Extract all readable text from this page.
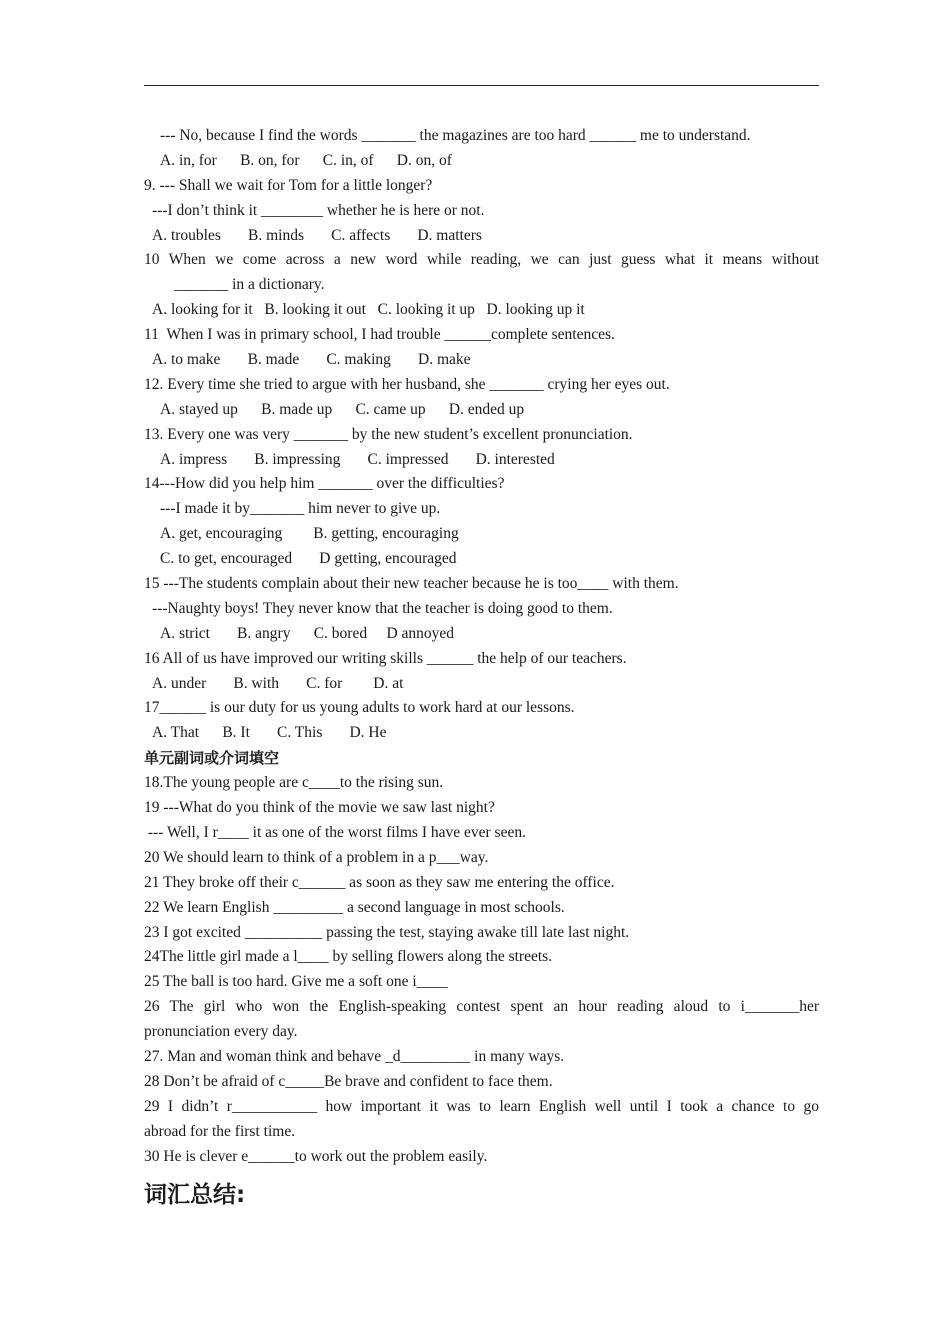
--- No, because I find the words _______ the magazines are too hard ______ me to understand.
A. in, for      B. on, for      C. in, of      D. on, of
9. --- Shall we wait for Tom for a little longer?
---I don’t think it ________ whether he is here or not.
A. troubles       B. minds       C. affects       D. matters
10 When we come across a new word while reading, we can just guess what it means without
_______ in a dictionary.
A. looking for it   B. looking it out   C. looking it up   D. looking up it
11  When I was in primary school, I had trouble ______complete sentences.
A. to make       B. made       C. making       D. make
12. Every time she tried to argue with her husband, she _______ crying her eyes out.
A. stayed up      B. made up      C. came up      D. ended up
13. Every one was very _______ by the new student’s excellent pronunciation.
A. impress       B. impressing       C. impressed       D. interested
14---How did you help him _______ over the difficulties?
---I made it by_______ him never to give up.
A. get, encouraging        B. getting, encouraging
C. to get, encouraged       D getting, encouraged
15 ---The students complain about their new teacher because he is too____ with them.
---Naughty boys! They never know that the teacher is doing good to them.
A. strict       B. angry      C. bored     D annoyed
16 All of us have improved our writing skills ______ the help of our teachers.
A. under       B. with       C. for        D. at
17______ is our duty for us young adults to work hard at our lessons.
A. That      B. It       C. This       D. He
单元副词或介词填空
18.The young people are c____to the rising sun.
19 ---What do you think of the movie we saw last night?
--- Well, I r____ it as one of the worst films I have ever seen.
20 We should learn to think of a problem in a p___way.
21 They broke off their c______ as soon as they saw me entering the office.
22 We learn English _________ a second language in most schools.
23 I got excited __________ passing the test, staying awake till late last night.
24The little girl made a l____ by selling flowers along the streets.
25 The ball is too hard. Give me a soft one i____
26 The girl who won the English-speaking contest spent an hour reading aloud to i_______her
pronunciation every day.
27. Man and woman think and behave _d_________ in many ways.
28 Don’t be afraid of c_____Be brave and confident to face them.
29 I didn’t r___________ how important it was to learn English well until I took a chance to go
abroad for the first time.
30 He is clever e______to work out the problem easily.
词汇总结:
